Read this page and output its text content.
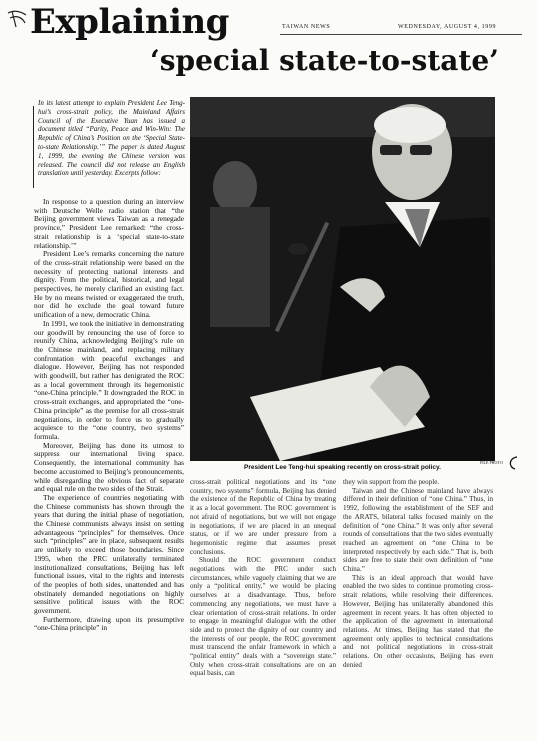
Explaining	TAIWAN NEWS	WEDNESDAY, AUGUST 4, 1999
‘special state-to-state’
In its latest attempt to explain President Lee Teng-hui’s cross-strait policy, the Mainland Affairs Council of the Executive Yuan has issued a document titled “Parity, Peace and Win-Win: The Republic of China’s Position on the ‘Special State-to-state Relationship.’” The paper is dated August 1, 1999, the evening the Chinese version was released. The council did not release an English translation until yesterday. Excerpts follow:

In response to a question during an interview with Deutsche Welle radio station that “the Beijing government views Taiwan as a renegade province,” President Lee remarked: “the cross-strait relationship is a ‘special state-to-state relationship.’”

President Lee’s remarks concerning the nature of the cross-strait relationship were based on the necessity of protecting national interests and dignity. From the political, historical, and legal perspectives, he merely clarified an existing fact. He by no means twisted or exaggerated the truth, nor did he exclude the goal toward future unification of a new, democratic China.

In 1991, we took the initiative in demonstrating our goodwill by renouncing the use of force to reunify China, acknowledging Beijing’s rule on the Chinese mainland, and replacing military confrontation with peaceful exchanges and dialogue. However, Beijing has not responded with goodwill, but rather has denigrated the ROC as a local government through its hegemonistic “one-China principle.” It downgraded the ROC in cross-strait exchanges, and appropriated the “one-China principle” as the premise for all cross-strait negotiations, in order to force us to gradually acquiesce to the “one country, two systems” formula.

Moreover, Beijing has done its utmost to suppress our international living space. Consequently, the international community has become accustomed to Beijing’s pronouncements, while disregarding the obvious fact of separate and equal rule on the two sides of the Strait.

The experience of countries negotiating with the Chinese communists has shown through the years that during the initial phase of negotiation, the Chinese communists always insist on setting advantageous “principles” for themselves. Once such “principles” are in place, subsequent results are unlikely to exceed those boundaries. Since 1995, when the PRC unilaterally terminated institutionalized consultations, Beijing has left functional issues, vital to the rights and interests of the peoples of both sides, unattended and has obstinately demanded negotiations on highly sensitive political issues with the ROC government.

Furthermore, drawing upon its presumptive “one-China principle” in

President Lee Teng-hui speaking recently on cross-strait policy.
FILE PHOTO

cross-strait political negotiations and its “one country, two systems” formula, Beijing has denied the existence of the Republic of China by treating it as a local government. The ROC government is not afraid of negotiations, but we will not engage in negotiations, if we are placed in an unequal status, or if we are under pressure from a hegemonistic regime that assumes preset conclusions.

Should the ROC government conduct negotiations with the PRC under such circumstances, while vaguely claiming that we are only a “political entity,” we would be placing ourselves at a disadvantage. Thus, before commencing any negotiations, we must have a clear orientation of cross-strait relations. In order to engage in meaningful dialogue with the other side and to protect the dignity of our country and the interests of our people, the ROC government must transcend the unfair framework in which a “political entity” deals with a “sovereign state.” Only when cross-strait consultations are on an equal basis, can

they win support from the people.

Taiwan and the Chinese mainland have always differed in their definition of “one China.” Thus, in 1992, following the establishment of the SEF and the ARATS, bilateral talks focused mainly on the definition of “one China.” It was only after several rounds of consultations that the two sides eventually reached an agreement on “one China to be interpreted respectively by each side.” That is, both sides are free to state their own definition of “one China.”

This is an ideal approach that would have enabled the two sides to continue promoting cross-strait relations, while resolving their differences. However, Beijing has unilaterally abandoned this agreement in recent years. It has often objected to the application of the agreement in international relations. At times, Beijing has stated that the agreement only applies to technical consultations and not political negotiations in cross-strait relations. On other occasions, Beijing has even denied
